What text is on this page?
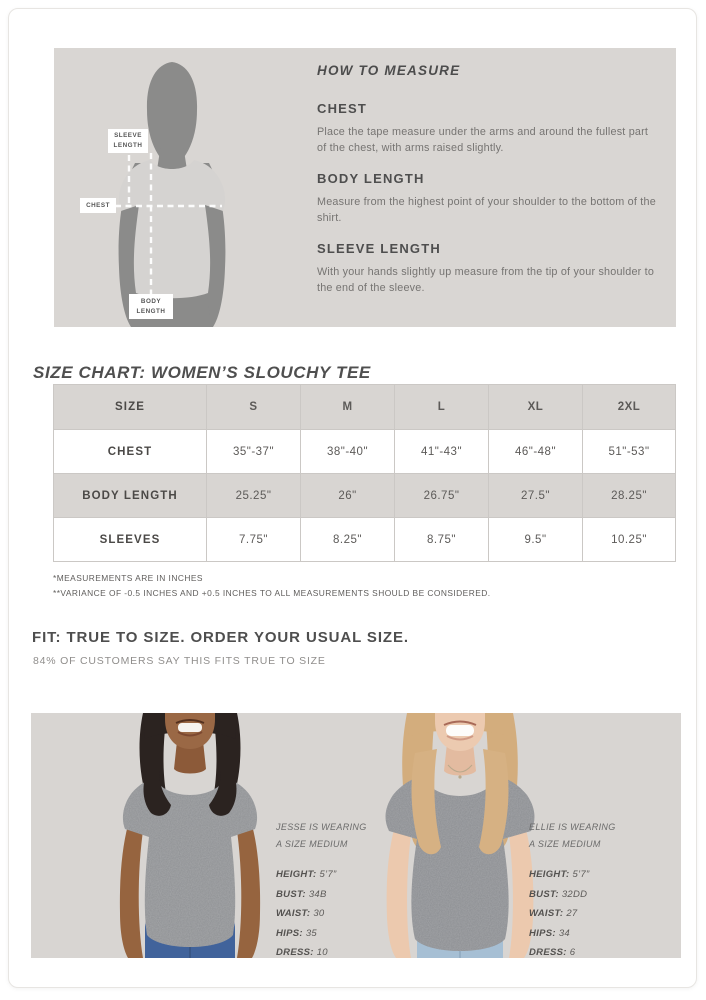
SLEEVE
LENGTH
CHEST
BODY
LENGTH
HOW TO MEASURE
CHEST

Place the tape measure under the arms and around the fullest part of the chest, with arms raised slightly.

BODY LENGTH

Measure from the highest point of your shoulder to the bottom of the shirt.

SLEEVE LENGTH

With your hands slightly up measure from the tip of your shoulder to the end of the sleeve.

SIZE CHART: WOMEN’S SLOUCHY TEE
SIZE	S	M	L	XL	2XL
CHEST	35"-37"	38"-40"	41"-43"	46"-48"	51"-53"
BODY LENGTH	25.25"	26"	26.75"	27.5"	28.25"
SLEEVES	7.75"	8.25"	8.75"	9.5"	10.25"
*MEASUREMENTS ARE IN INCHES
**VARIANCE OF -0.5 INCHES AND +0.5 INCHES TO ALL MEASUREMENTS SHOULD BE CONSIDERED.
FIT: TRUE TO SIZE. ORDER YOUR USUAL SIZE.
84% OF CUSTOMERS SAY THIS FITS TRUE TO SIZE
JESSE IS WEARING
A SIZE MEDIUM
HEIGHT: 5’7”
BUST: 34B
WAIST: 30
HIPS: 35
DRESS: 10
ELLIE IS WEARING
A SIZE MEDIUM
HEIGHT: 5’7”
BUST: 32DD
WAIST: 27
HIPS: 34
DRESS: 6
